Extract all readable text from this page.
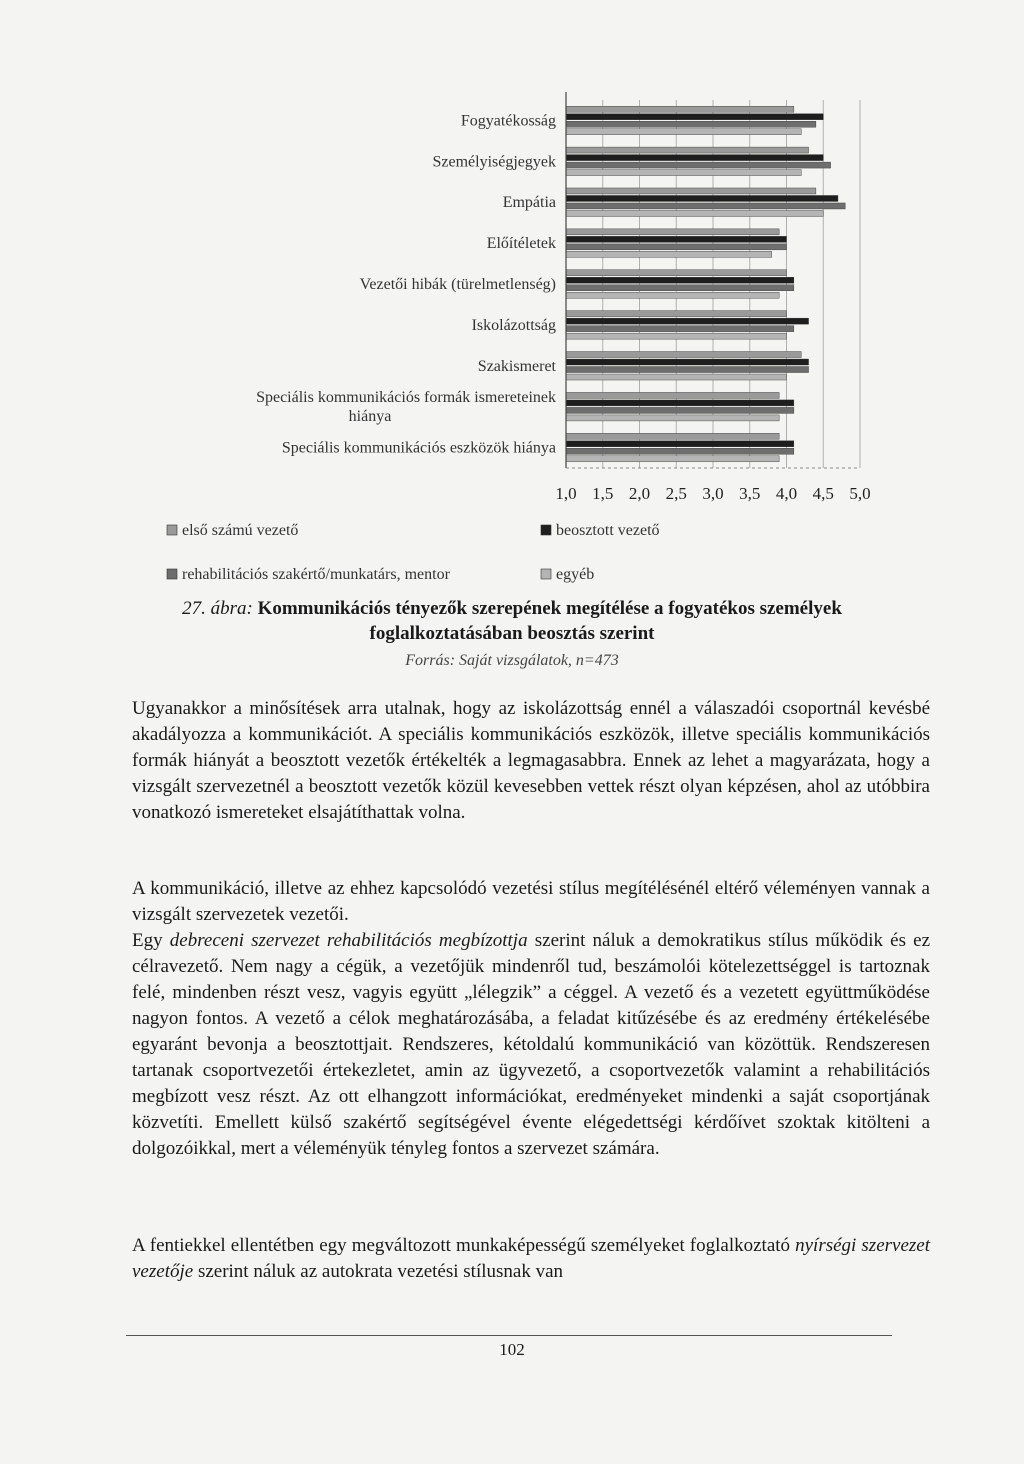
Fogyatékosság
Személyiségjegyek
Empátia
Előítéletek
Vezetői hibák (türelmetlenség)
Iskolázottság
Szakismeret
Speciális kommunikációs formák ismereteinek
hiánya
Speciális kommunikációs eszközök hiánya
1,0 1,5 2,0 2,5 3,0 3,5 4,0 4,5 5,0
első számú vezető	beosztott vezető
rehabilitációs szakértő/munkatárs, mentor	egyéb
27. ábra: Kommunikációs tényezők szerepének megítélése a fogyatékos személyek
foglalkoztatásában beosztás szerint
Forrás: Saját vizsgálatok, n=473

Ugyanakkor a minősítések arra utalnak, hogy az iskolázottság ennél a válaszadói csoportnál kevésbé akadályozza a kommunikációt. A speciális kommunikációs eszközök, illetve speciális kommunikációs formák hiányát a beosztott vezetők értékelték a legmagasabbra. Ennek az lehet a magyarázata, hogy a vizsgált szervezetnél a beosztott vezetők közül kevesebben vettek részt olyan képzésen, ahol az utóbbira vonatkozó ismereteket elsajátíthattak volna.

A kommunikáció, illetve az ehhez kapcsolódó vezetési stílus megítélésénél eltérő véleményen vannak a vizsgált szervezetek vezetői.
Egy debreceni szervezet rehabilitációs megbízottja szerint náluk a demokratikus stílus működik és ez célravezető. Nem nagy a cégük, a vezetőjük mindenről tud, beszámolói kötelezettséggel is tartoznak felé, mindenben részt vesz, vagyis együtt „lélegzik” a céggel. A vezető és a vezetett együttműködése nagyon fontos. A vezető a célok meghatározásába, a feladat kitűzésébe és az eredmény értékelésébe egyaránt bevonja a beosztottjait. Rendszeres, kétoldalú kommunikáció van közöttük. Rendszeresen tartanak csoportvezetői értekezletet, amin az ügyvezető, a csoportvezetők valamint a rehabilitációs megbízott vesz részt. Az ott elhangzott információkat, eredményeket mindenki a saját csoportjának közvetíti. Emellett külső szakértő segítségével évente elégedettségi kérdőívet szoktak kitölteni a dolgozóikkal, mert a véleményük tényleg fontos a szervezet számára.

A fentiekkel ellentétben egy megváltozott munkaképességű személyeket foglalkoztató nyírségi szervezet vezetője szerint náluk az autokrata vezetési stílusnak van

102
